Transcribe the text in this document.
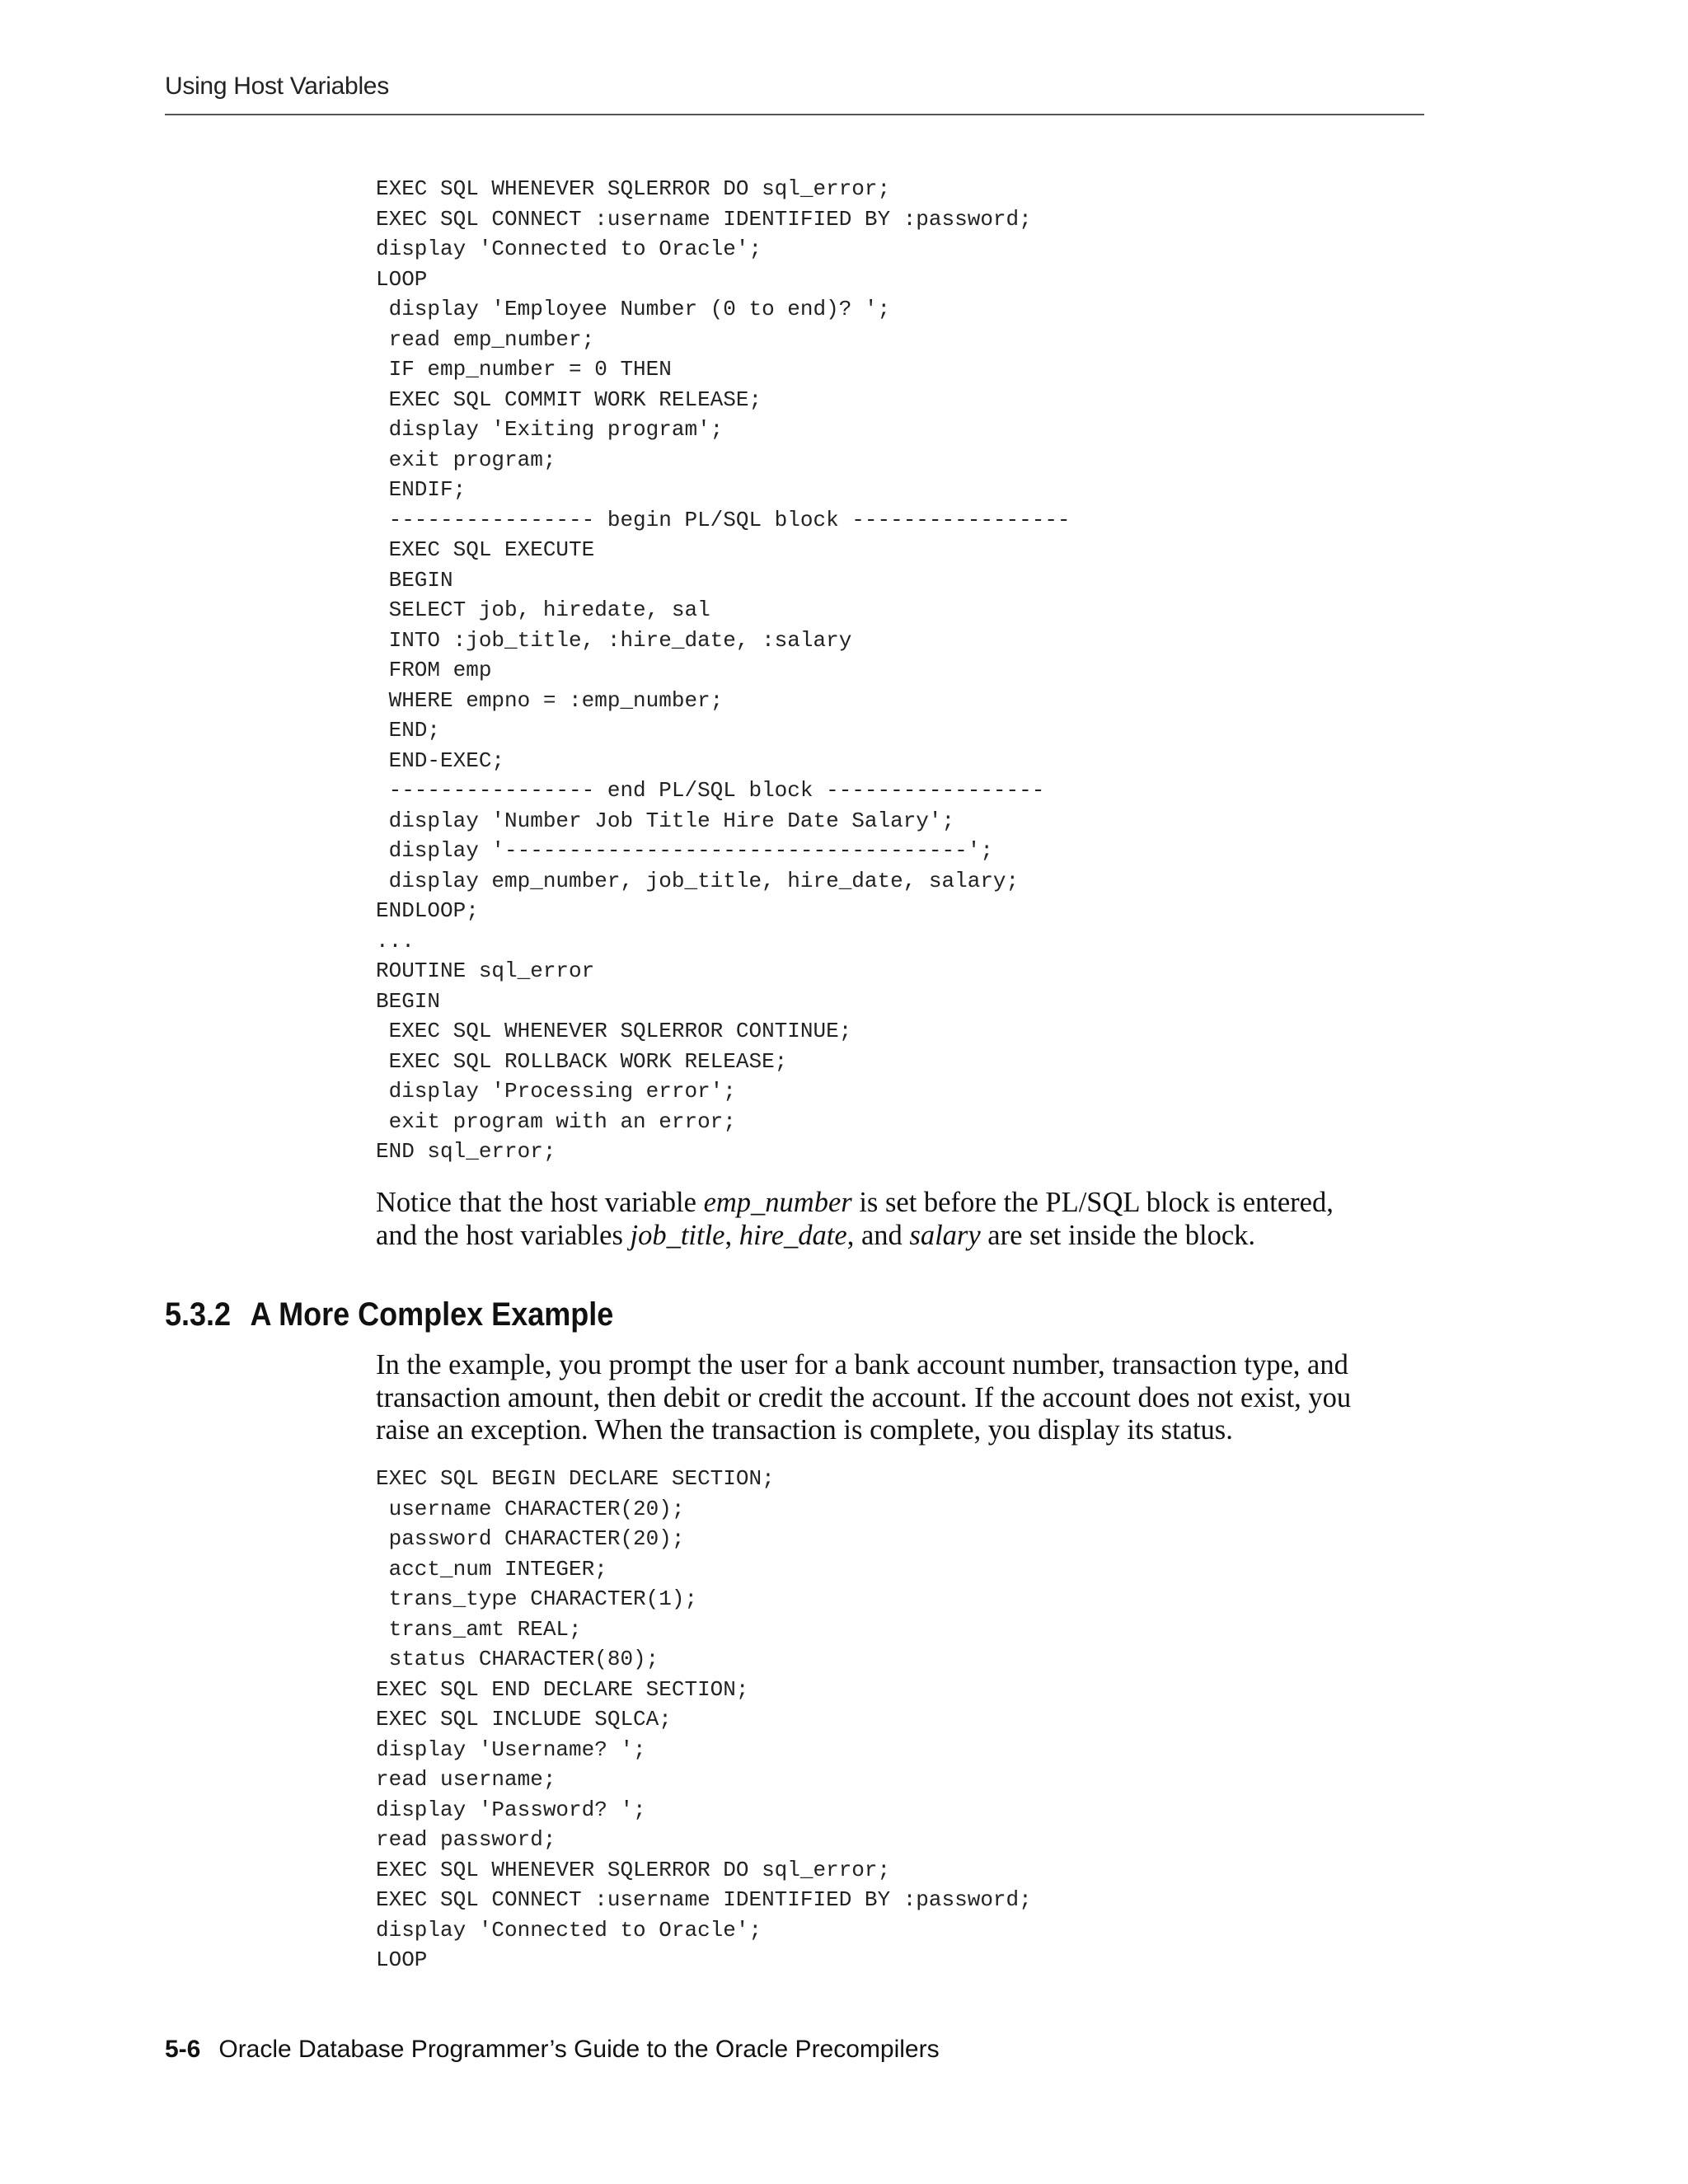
Using Host Variables
EXEC SQL WHENEVER SQLERROR DO sql_error;
EXEC SQL CONNECT :username IDENTIFIED BY :password;
display 'Connected to Oracle';
LOOP
display 'Employee Number (0 to end)? ';
read emp_number;
IF emp_number = 0 THEN
EXEC SQL COMMIT WORK RELEASE;
display 'Exiting program';
exit program;
ENDIF;
---------------- begin PL/SQL block -----------------
EXEC SQL EXECUTE
BEGIN
SELECT job, hiredate, sal
INTO :job_title, :hire_date, :salary
FROM emp
WHERE empno = :emp_number;
END;
END-EXEC;
---------------- end PL/SQL block -----------------
display 'Number Job Title Hire Date Salary';
display '------------------------------------';
display emp_number, job_title, hire_date, salary;
ENDLOOP;
...
ROUTINE sql_error
BEGIN
EXEC SQL WHENEVER SQLERROR CONTINUE;
EXEC SQL ROLLBACK WORK RELEASE;
display 'Processing error';
exit program with an error;
END sql_error;

Notice that the host variable emp_number is set before the PL/SQL block is entered,
and the host variables job_title, hire_date, and salary are set inside the block.

5.3.2 A More Complex Example

In the example, you prompt the user for a bank account number, transaction type, and
transaction amount, then debit or credit the account. If the account does not exist, you
raise an exception. When the transaction is complete, you display its status.

EXEC SQL BEGIN DECLARE SECTION;
username CHARACTER(20);
password CHARACTER(20);
acct_num INTEGER;
trans_type CHARACTER(1);
trans_amt REAL;
status CHARACTER(80);
EXEC SQL END DECLARE SECTION;
EXEC SQL INCLUDE SQLCA;
display 'Username? ';
read username;
display 'Password? ';
read password;
EXEC SQL WHENEVER SQLERROR DO sql_error;
EXEC SQL CONNECT :username IDENTIFIED BY :password;
display 'Connected to Oracle';
LOOP
5-6 Oracle Database Programmer’s Guide to the Oracle Precompilers
